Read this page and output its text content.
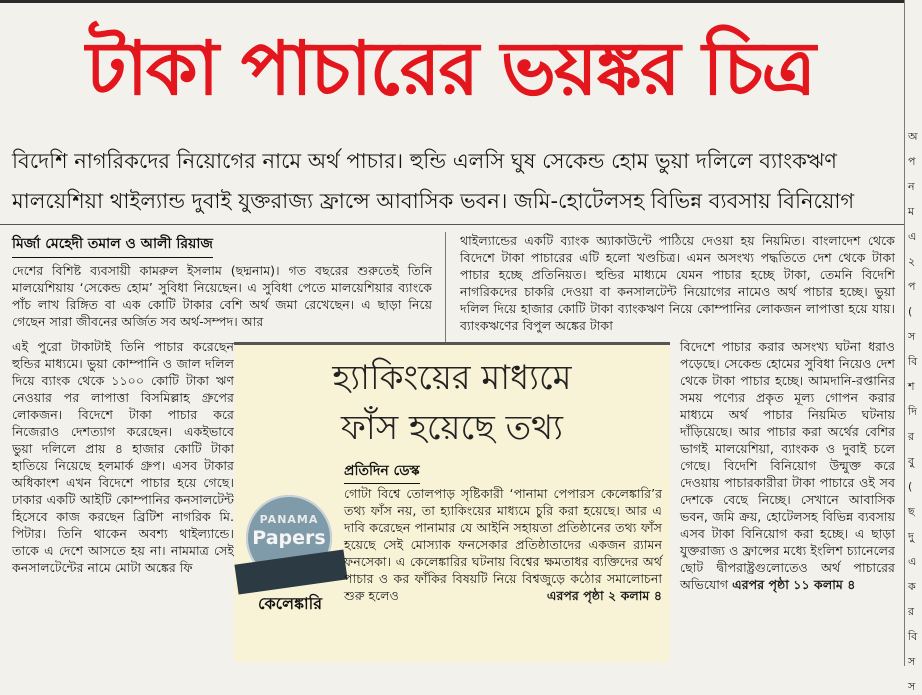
টাকা পাচারের ভয়ঙ্কর চিত্র
বিদেশি নাগরিকদের নিয়োগের নামে অর্থ পাচার। হুন্ডি এলসি ঘুষ সেকেন্ড হোম ভুয়া দলিলে ব্যাংকঋণ
মালয়েশিয়া থাইল্যান্ড দুবাই যুক্তরাজ্য ফ্রান্সে আবাসিক ভবন। জমি-হোটেলসহ বিভিন্ন ব্যবসায় বিনিয়োগ
মির্জা মেহেদী তমাল ও আলী রিয়াজ

দেশের বিশিষ্ট ব্যবসায়ী কামরুল ইসলাম (ছদ্মনাম)। গত বছরের শুরুতেই তিনি মালয়েশিয়ায় ‘সেকেন্ড হোম’ সুবিধা নিয়েছেন। এ সুবিধা পেতে মালয়েশিয়ার ব্যাংকে পাঁচ লাখ রিঙ্গিত বা এক কোটি টাকার বেশি অর্থ জমা রেখেছেন। এ ছাড়া নিয়ে গেছেন সারা জীবনের অর্জিত সব অর্থ-সম্পদ। আর

এই পুরো টাকাটাই তিনি পাচার করেছেন হুন্ডির মাধ্যমে। ভুয়া কোম্পানি ও জাল দলিল দিয়ে ব্যাংক থেকে ১১০০ কোটি টাকা ঋণ নেওয়ার পর লাপাত্তা বিসমিল্লাহ গ্রুপের লোকজন। বিদেশে টাকা পাচার করে নিজেরাও দেশত্যাগ করেছেন। একইভাবে ভুয়া দলিলে প্রায় ৪ হাজার কোটি টাকা হাতিয়ে নিয়েছে হলমার্ক গ্রুপ। এসব টাকার অধিকাংশ এখন বিদেশে পাচার হয়ে গেছে। ঢাকার একটি আইটি কোম্পানির কনসালটেন্ট হিসেবে কাজ করছেন ব্রিটিশ নাগরিক মি. পিটার। তিনি থাকেন অবশ্য থাইল্যান্ডে। তাকে এ দেশে আসতে হয় না। নামমাত্র সেই কনসালটেন্টের নামে মোটা অঙ্কের ফি

থাইল্যান্ডের একটি ব্যাংক অ্যাকাউন্টে পাঠিয়ে দেওয়া হয় নিয়মিত। বাংলাদেশ থেকে বিদেশে টাকা পাচারের এটি হলো খণ্ডচিত্র। এমন অসংখ্য পদ্ধতিতে দেশ থেকে টাকা পাচার হচ্ছে প্রতিনিয়ত। হুন্ডির মাধ্যমে যেমন পাচার হচ্ছে টাকা, তেমনি বিদেশি নাগরিকদের চাকরি দেওয়া বা কনসালটেন্ট নিয়োগের নামেও অর্থ পাচার হচ্ছে। ভুয়া দলিল দিয়ে হাজার কোটি টাকা ব্যাংকঋণ নিয়ে কোম্পানির লোকজন লাপাত্তা হয়ে যায়। ব্যাংকঋণের বিপুল অঙ্কের টাকা

বিদেশে পাচার করার অসংখ্য ঘটনা ধরাও পড়েছে। সেকেন্ড হোমের সুবিধা নিয়েও দেশ থেকে টাকা পাচার হচ্ছে। আমদানি-রপ্তানির সময় পণ্যের প্রকৃত মূল্য গোপন করার মাধ্যমে অর্থ পাচার নিয়মিত ঘটনায় দাঁড়িয়েছে। আর পাচার করা অর্থের বেশির ভাগই মালয়েশিয়া, ব্যাংকক ও দুবাই চলে গেছে। বিদেশি বিনিয়োগ উন্মুক্ত করে দেওয়ায় পাচারকারীরা টাকা পাচারে ওই সব দেশকে বেছে নিচ্ছে। সেখানে আবাসিক ভবন, জমি ক্রয়, হোটেলসহ বিভিন্ন ব্যবসায় এসব টাকা বিনিয়োগ করা হচ্ছে। এ ছাড়া যুক্তরাজ্য ও ফ্রান্সের মধ্যে ইংলিশ চ্যানেলের ছোট দ্বীপরাষ্ট্রগুলোতেও অর্থ পাচারের অভিযোগ এরপর পৃষ্ঠা ১১ কলাম ৪

হ্যাকিংয়ের মাধ্যমে
ফাঁস হয়েছে তথ্য
প্রতিদিন ডেস্ক
PANAMA
Papers
কেলেঙ্কারি
গোটা বিশ্বে তোলপাড় সৃষ্টিকারী ‘পানামা পেপারস কেলেঙ্কারি’র তথ্য ফাঁস নয়, তা হ্যাকিংয়ের মাধ্যমে চুরি করা হয়েছে। আর এ দাবি করেছেন পানামার যে আইনি সহায়তা প্রতিষ্ঠানের তথ্য ফাঁস হয়েছে সেই মোস্যাক ফনসেকার প্রতিষ্ঠাতাদের একজন র‍্যামন ফনসেকা। এ কেলেঙ্কারির ঘটনায় বিশ্বের ক্ষমতাধর ব্যক্তিদের অর্থ পাচার ও কর ফাঁকির বিষয়টি নিয়ে বিশ্বজুড়ে কঠোর সমালোচনা শুরু হলেও	এরপর পৃষ্ঠা ২ কলাম ৪
অ
প
ন
ম
এ
২
প
(
স
বি
শ
দি
র
বু
(
ছ
দু
এ
ক
র
বি
স
স
